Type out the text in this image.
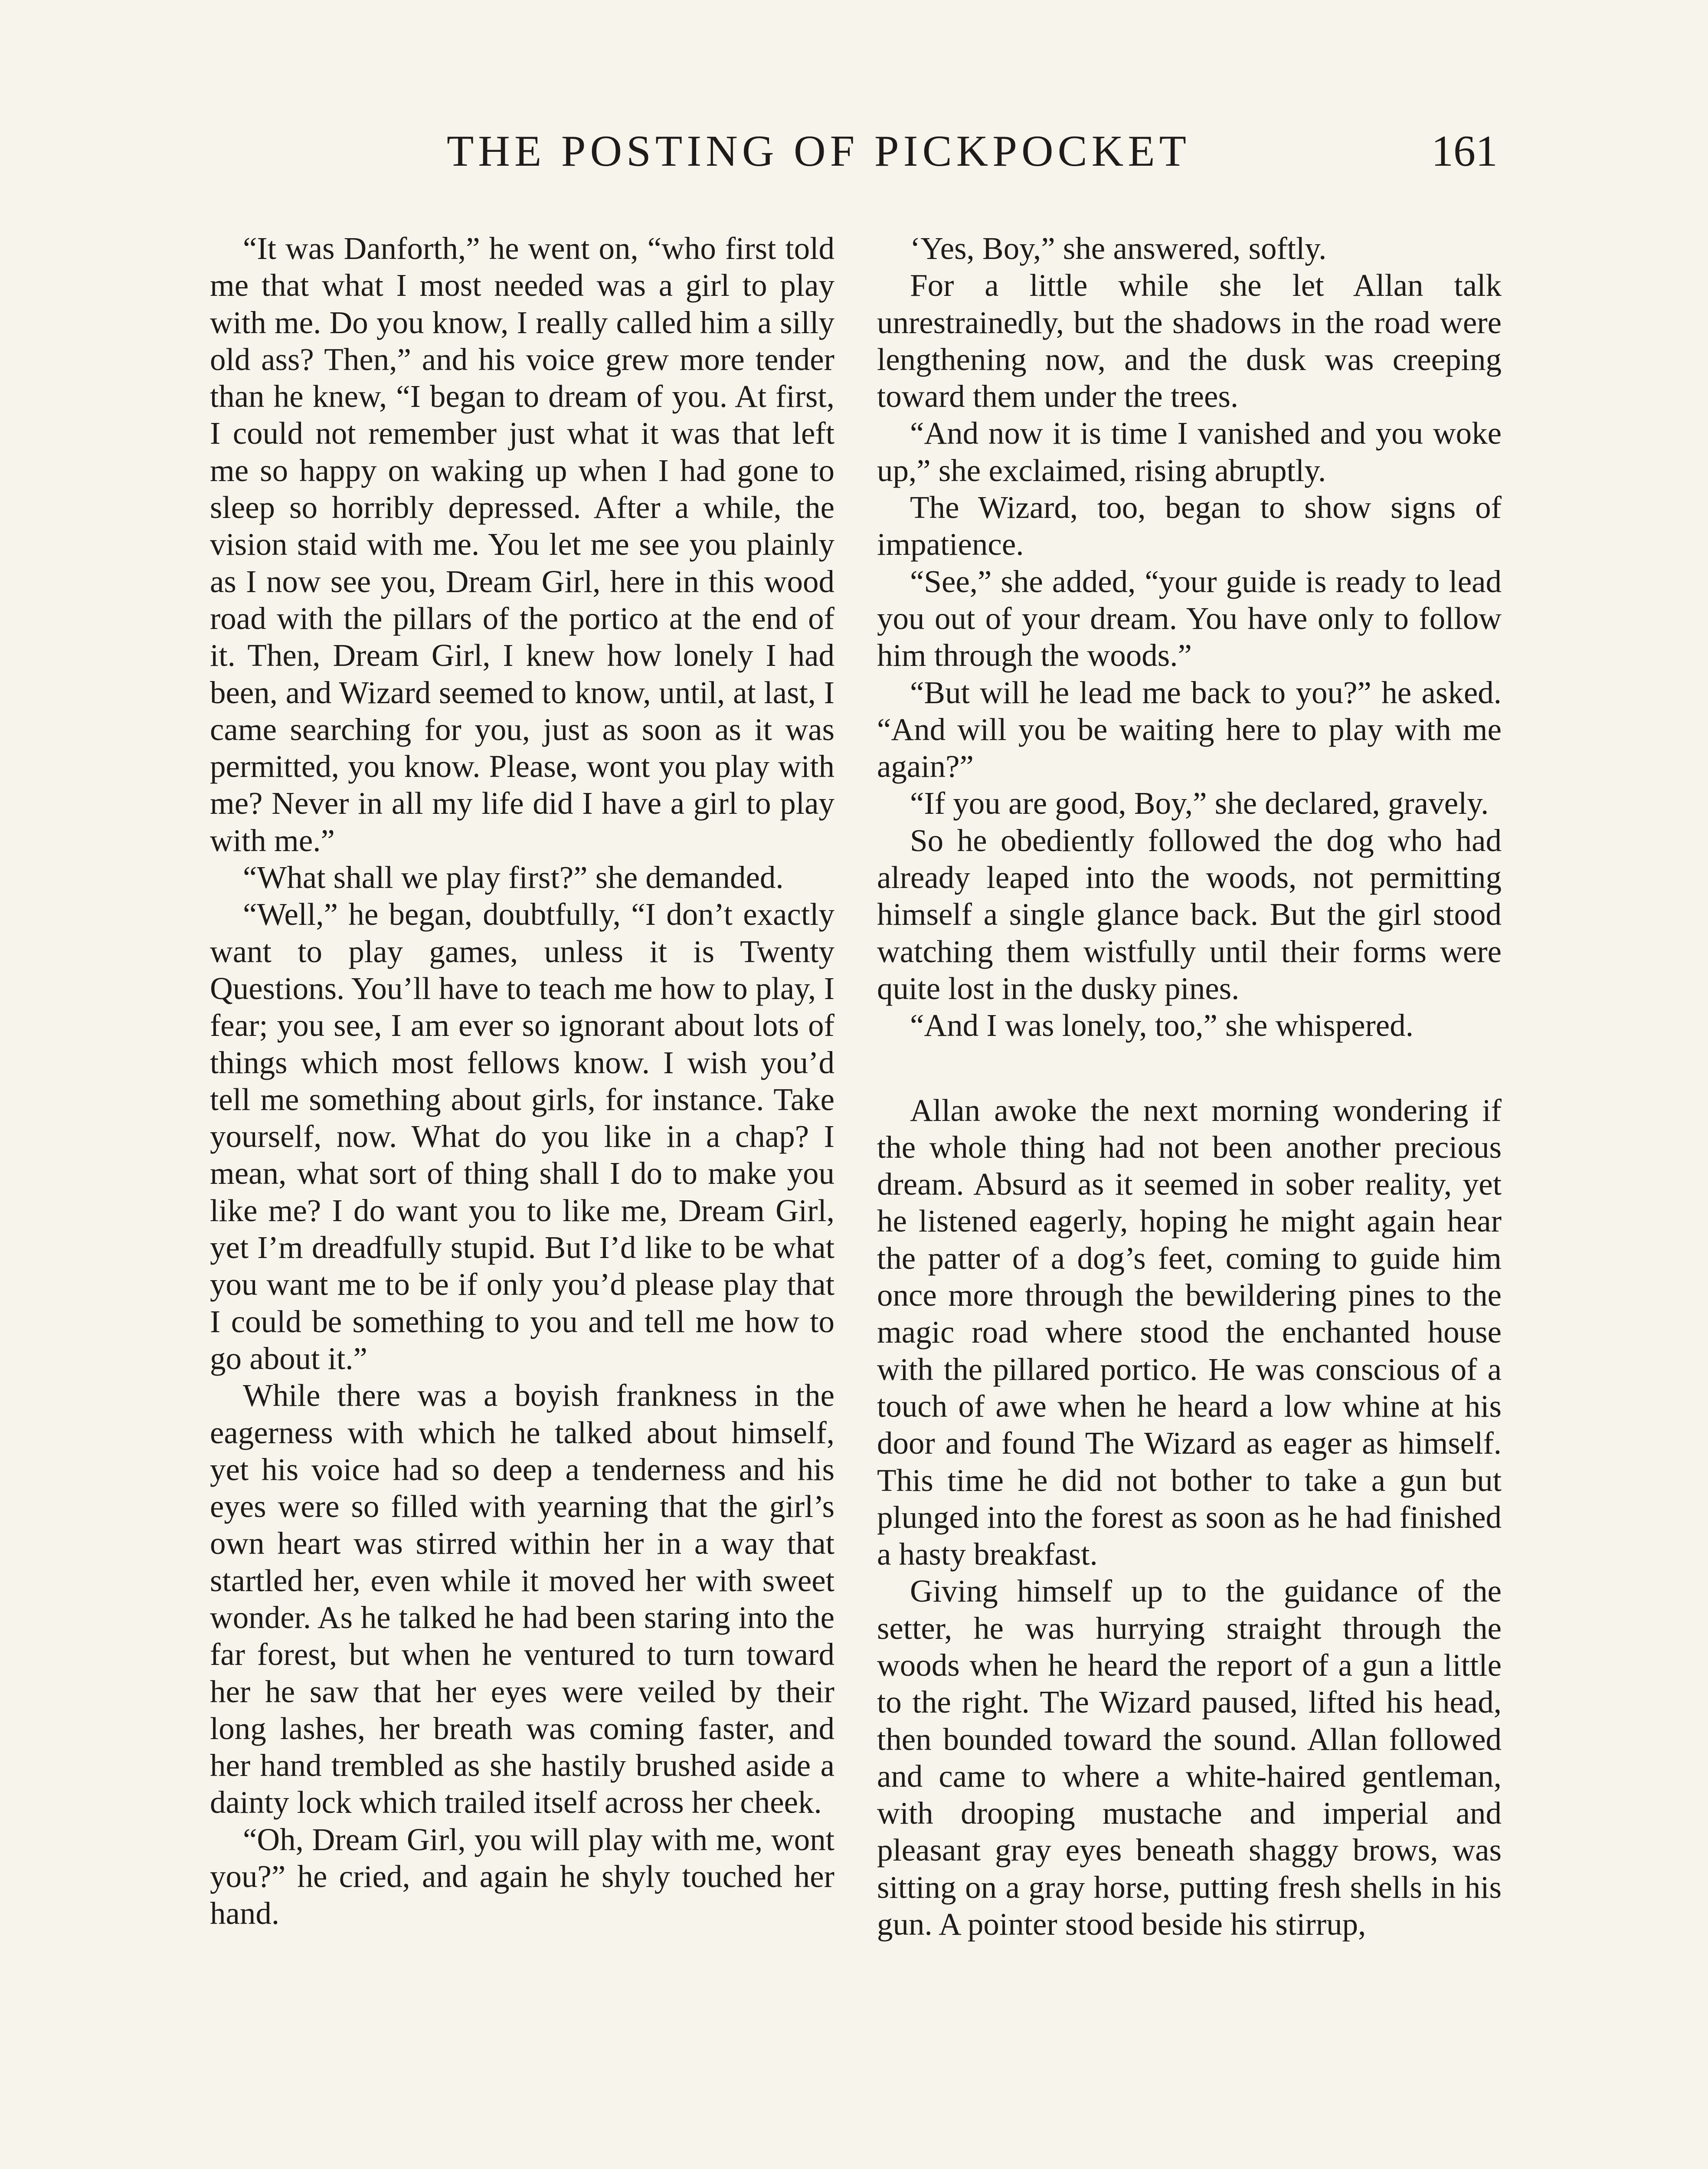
THE POSTING OF PICKPOCKET	161

“It was Danforth,” he went on, “who first told me that what I most needed was a girl to play with me. Do you know, I really called him a silly old ass? Then,” and his voice grew more tender than he knew, “I began to dream of you. At first, I could not remember just what it was that left me so happy on waking up when I had gone to sleep so horribly depressed. After a while, the vision staid with me. You let me see you plainly as I now see you, Dream Girl, here in this wood road with the pillars of the portico at the end of it. Then, Dream Girl, I knew how lonely I had been, and Wizard seemed to know, until, at last, I came searching for you, just as soon as it was permitted, you know. Please, wont you play with me? Never in all my life did I have a girl to play with me.”

“What shall we play first?” she demanded.

“Well,” he began, doubtfully, “I don’t exactly want to play games, unless it is Twenty Questions. You’ll have to teach me how to play, I fear; you see, I am ever so ignorant about lots of things which most fellows know. I wish you’d tell me something about girls, for instance. Take yourself, now. What do you like in a chap? I mean, what sort of thing shall I do to make you like me? I do want you to like me, Dream Girl, yet I’m dreadfully stupid. But I’d like to be what you want me to be if only you’d please play that I could be something to you and tell me how to go about it.”

While there was a boyish frankness in the eagerness with which he talked about himself, yet his voice had so deep a tenderness and his eyes were so filled with yearning that the girl’s own heart was stirred within her in a way that startled her, even while it moved her with sweet wonder. As he talked he had been staring into the far forest, but when he ventured to turn toward her he saw that her eyes were veiled by their long lashes, her breath was coming faster, and her hand trembled as she hastily brushed aside a dainty lock which trailed itself across her cheek.

“Oh, Dream Girl, you will play with me, wont you?” he cried, and again he shyly touched her hand.

‘Yes, Boy,” she answered, softly.

For a little while she let Allan talk unrestrainedly, but the shadows in the road were lengthening now, and the dusk was creeping toward them under the trees.

“And now it is time I vanished and you woke up,” she exclaimed, rising abruptly.

The Wizard, too, began to show signs of impatience.

“See,” she added, “your guide is ready to lead you out of your dream. You have only to follow him through the woods.”

“But will he lead me back to you?” he asked. “And will you be waiting here to play with me again?”

“If you are good, Boy,” she declared, gravely.

So he obediently followed the dog who had already leaped into the woods, not permitting himself a single glance back. But the girl stood watching them wistfully until their forms were quite lost in the dusky pines.

“And I was lonely, too,” she whispered.

Allan awoke the next morning wondering if the whole thing had not been another precious dream. Absurd as it seemed in sober reality, yet he listened eagerly, hoping he might again hear the patter of a dog’s feet, coming to guide him once more through the bewildering pines to the magic road where stood the enchanted house with the pillared portico. He was conscious of a touch of awe when he heard a low whine at his door and found The Wizard as eager as himself. This time he did not bother to take a gun but plunged into the forest as soon as he had finished a hasty breakfast.

Giving himself up to the guidance of the setter, he was hurrying straight through the woods when he heard the report of a gun a little to the right. The Wizard paused, lifted his head, then bounded toward the sound. Allan followed and came to where a white-haired gentleman, with drooping mustache and imperial and pleasant gray eyes beneath shaggy brows, was sitting on a gray horse, putting fresh shells in his gun. A pointer stood beside his stirrup,
